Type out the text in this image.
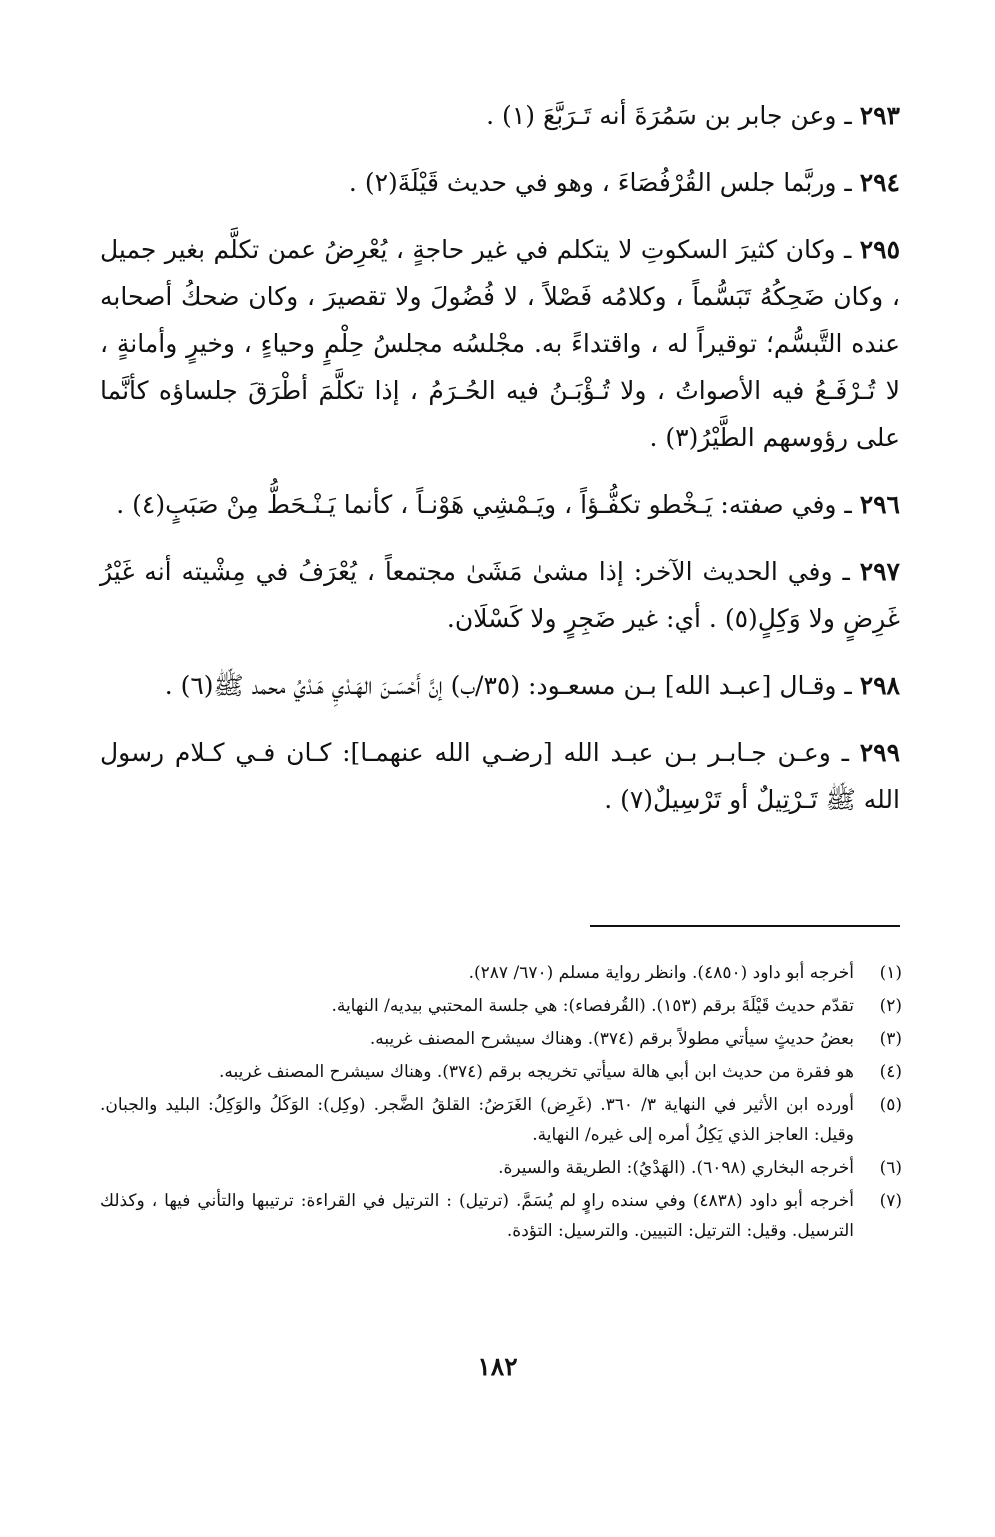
٢٩٣ ـ وعن جابر بن سَمُرَةَ أنه تَـرَبَّعَ (١) .

٢٩٤ ـ وربَّما جلس القُرْفُصَاءَ ، وهو في حديث قَيْلَةَ(٢) .

٢٩٥ ـ وكان كثيرَ السكوتِ لا يتكلم في غير حاجةٍ ، يُعْرِضُ عمن تكلَّم بغير جميل ، وكان ضَحِكُهُ تَبَسُّماً ، وكلامُه فَصْلاً ، لا فُضُولَ ولا تقصيرَ ، وكان ضحكُ أصحابه عنده التَّبسُّم؛ توقيراً له ، واقتداءً به. مجْلسُه مجلسُ حِلْمٍ وحياءٍ ، وخيرٍ وأمانةٍ ، لا تُـرْفَـعُ فيه الأصواتُ ، ولا تُـؤْبَـنُ فيه الحُـرَمُ ، إذا تكلَّمَ أطْرَقَ جلساؤه كأنَّما على رؤوسهم الطَّيْرُ(٣) .

٢٩٦ ـ وفي صفته: يَـخْطو تكفُّـؤاً ، ويَـمْشِي هَوْنـاً ، كأنما يَـنْـحَطُّ مِنْ صَبَبٍ(٤) .

٢٩٧ ـ وفي الحديث الآخر: إذا مشىٰ مَشَىٰ مجتمعاً ، يُعْرَفُ في مِشْيته أنه غَيْرُ غَرِضٍ ولا وَكِلٍ(٥) . أي: غير ضَجِرٍ ولا كَسْلَان.

٢٩٨ ـ وقـال [عبـد الله] بـن مسعـود: (٣٥/ب) إنَّ أَحْسَـنَ الهَـدْيِ هَـدْيُ محمد ﷺ(٦) .

٢٩٩ ـ وعـن جـابـر بـن عبـد الله [رضـي الله عنهمـا]: كـان فـي كـلام رسول الله ﷺ تَـرْتِيلٌ أو تَرْسِيلٌ(٧) .

(١)
أخرجه أبو داود (٤٨٥٠). وانظر رواية مسلم (٦٧٠/ ٢٨٧).
(٢)
تقدّم حديث قَيْلَةَ برقم (١٥٣). (القُرفصاء): هي جلسة المحتبي بيديه/ النهاية.
(٣)
بعضُ حديثٍ سيأتي مطولاً برقم (٣٧٤). وهناك سيشرح المصنف غريبه.
(٤)
هو فقرة من حديث ابن أبي هالة سيأتي تخريجه برقم (٣٧٤). وهناك سيشرح المصنف غريبه.
(٥)
أورده ابن الأثير في النهاية ٣/ ٣٦٠. (غَرِض) الغَرَضُ: القلقُ الضَّجر. (وكِل): الوَكَلُ والوَكِلُ: البليد والجبان. وقيل: العاجز الذي يَكِلُ أمره إلى غيره/ النهاية.
(٦)
أخرجه البخاري (٦٠٩٨). (الهَدْيُ): الطريقة والسيرة.
(٧)
أخرجه أبو داود (٤٨٣٨) وفي سنده راوٍ لم يُسَمَّ. (ترتيل) : الترتيل في القراءة: ترتيبها والتأني فيها ، وكذلك الترسيل. وقيل: الترتيل: التبيين. والترسيل: التؤدة.
١٨٢
